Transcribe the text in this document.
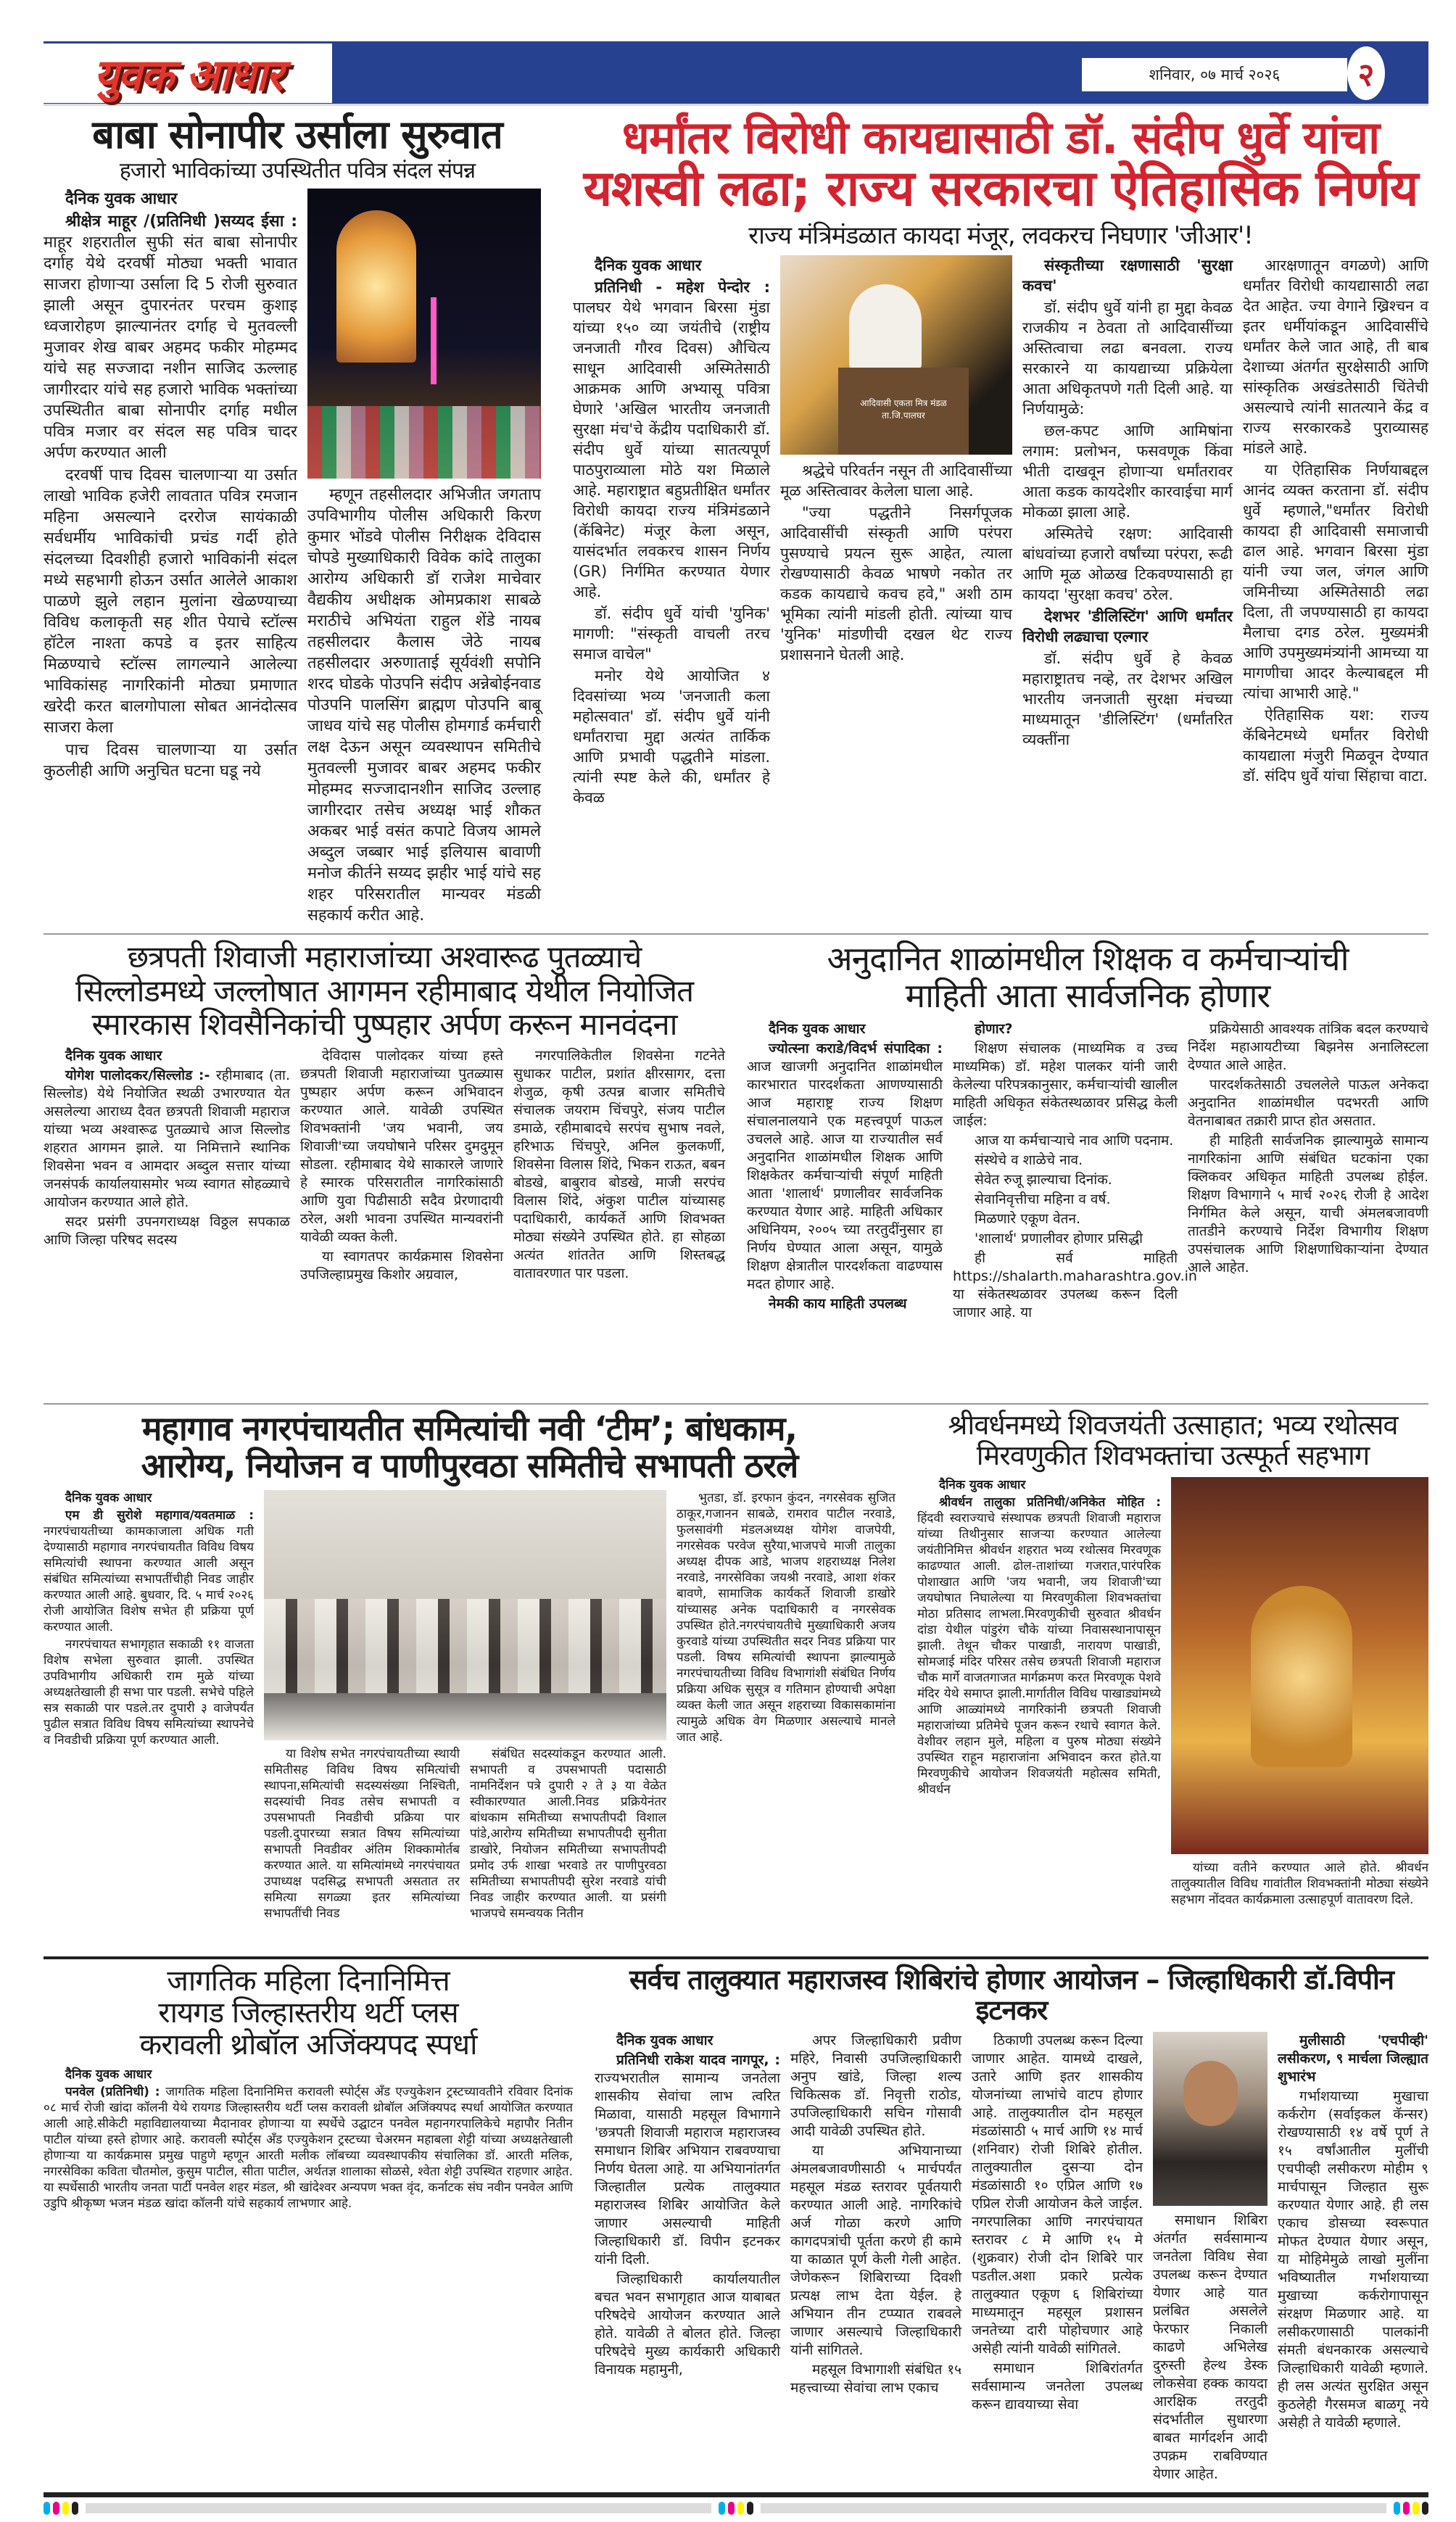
युवक आधार	शनिवार, ०७ मार्च २०२६	२
बाबा सोनापीर उर्साला सुरुवात
हजारो भाविकांच्या उपस्थितीत पवित्र संदल संपन्न

दैनिक युवक आधार

श्रीक्षेत्र माहूर /(प्रतिनिधी )सय्यद ईसा : माहूर शहरातील सुफी संत बाबा सोनापीर दर्गाह येथे दरवर्षी मोठ्या भक्ती भावात साजरा होणाऱ्या उर्साला दि 5 रोजी सुरुवात झाली असून दुपारनंतर परचम कुशाइ ध्वजारोहण झाल्यानंतर दर्गाह चे मुतवल्ली मुजावर शेख बाबर अहमद फकीर मोहम्मद यांचे सह सज्जादा नशीन साजिद ऊल्लाह जागीरदार यांचे सह हजारो भाविक भक्तांच्या उपस्थितीत बाबा सोनापीर दर्गाह मधील पवित्र मजार वर संदल सह पवित्र चादर अर्पण करण्यात आली

दरवर्षी पाच दिवस चालणाऱ्या या उर्सात लाखो भाविक हजेरी लावतात पवित्र रमजान महिना असल्याने दररोज सायंकाळी सर्वधर्मीय भाविकांची प्रचंड गर्दी होते संदलच्या दिवशीही हजारो भाविकांनी संदल मध्ये सहभागी होऊन उर्सात आलेले आकाश पाळणे झुले लहान मुलांना खेळण्याच्या विविध कलाकृती सह शीत पेयाचे स्टॉल्स हॉटेल नाश्ता कपडे व इतर साहित्य मिळण्याचे स्टॉल्स लागल्याने आलेल्या भाविकांसह नागरिकांनी मोठ्या प्रमाणात खरेदी करत बालगोपाला सोबत आनंदोत्सव साजरा केला

पाच दिवस चालणाऱ्या या उर्सात कुठलीही आणि अनुचित घटना घडू नये

म्हणून तहसीलदार अभिजीत जगताप उपविभागीय पोलीस अधिकारी किरण कुमार भोंडवे पोलीस निरीक्षक देविदास चोपडे मुख्याधिकारी विवेक कांदे तालुका आरोग्य अधिकारी डॉ राजेश माचेवार वैद्यकीय अधीक्षक ओमप्रकाश साबळे मराठीचे अभियंता राहुल शेंडे नायब तहसीलदार कैलास जेठे नायब तहसीलदार अरुणाताई सूर्यवंशी सपोनि शरद घोडके पोउपनि संदीप अन्नेबोईनवाड पोउपनि पालसिंग ब्राह्मण पोउपनि बाबू जाधव यांचे सह पोलीस होमगार्ड कर्मचारी लक्ष देऊन असून व्यवस्थापन समितीचे मुतवल्ली मुजावर बाबर अहमद फकीर मोहम्मद सज्जादानशीन साजिद उल्लाह जागीरदार तसेच अध्यक्ष भाई शौकत अकबर भाई वसंत कपाटे विजय आमले अब्दुल जब्बार भाई इलियास बावाणी मनोज कीर्तने सय्यद झहीर भाई यांचे सह शहर परिसरातील मान्यवर मंडळी सहकार्य करीत आहे.

धर्मांतर विरोधी कायद्यासाठी डॉ. संदीप धुर्वे यांचा
यशस्वी लढा; राज्य सरकारचा ऐतिहासिक निर्णय
राज्य मंत्रिमंडळात कायदा मंजूर, लवकरच निघणार 'जीआर'!

दैनिक युवक आधार

प्रतिनिधी - महेश पेन्दोर : पालघर येथे भगवान बिरसा मुंडा यांच्या १५० व्या जयंतीचे (राष्ट्रीय जनजाती गौरव दिवस) औचित्य साधून आदिवासी अस्मितेसाठी आक्रमक आणि अभ्यासू पवित्रा घेणारे 'अखिल भारतीय जनजाती सुरक्षा मंच'चे केंद्रीय पदाधिकारी डॉ. संदीप धुर्वे यांच्या सातत्यपूर्ण पाठपुराव्याला मोठे यश मिळाले आहे. महाराष्ट्रात बहुप्रतीक्षित धर्मांतर विरोधी कायदा राज्य मंत्रिमंडळाने (कॅबिनेट) मंजूर केला असून, यासंदर्भात लवकरच शासन निर्णय (GR) निर्गमित करण्यात येणार आहे.

डॉ. संदीप धुर्वे यांची 'युनिक' मागणी: "संस्कृती वाचली तरच समाज वाचेल"

मनोर येथे आयोजित ४ दिवसांच्या भव्य 'जनजाती कला महोत्सवात' डॉ. संदीप धुर्वे यांनी धर्मांतराचा मुद्दा अत्यंत तार्किक आणि प्रभावी पद्धतीने मांडला. त्यांनी स्पष्ट केले की, धर्मांतर हे केवळ

आदिवासी एकता मित्र मंडळ ता.जि.पालघर

श्रद्धेचे परिवर्तन नसून ती आदिवासींच्या मूळ अस्तित्वावर केलेला घाला आहे.

"ज्या पद्धतीने निसर्गपूजक आदिवासींची संस्कृती आणि परंपरा पुसण्याचे प्रयत्न सुरू आहेत, त्याला रोखण्यासाठी केवळ भाषणे नकोत तर कडक कायद्याचे कवच हवे," अशी ठाम भूमिका त्यांनी मांडली होती. त्यांच्या याच 'युनिक' मांडणीची दखल थेट राज्य प्रशासनाने घेतली आहे.

संस्कृतीच्या रक्षणासाठी 'सुरक्षा कवच'

डॉ. संदीप धुर्वे यांनी हा मुद्दा केवळ राजकीय न ठेवता तो आदिवासींच्या अस्तित्वाचा लढा बनवला. राज्य सरकारने या कायद्याच्या प्रक्रियेला आता अधिकृतपणे गती दिली आहे. या निर्णयामुळे:

छल-कपट आणि आमिषांना लगाम: प्रलोभन, फसवणूक किंवा भीती दाखवून होणाऱ्या धर्मांतरावर आता कडक कायदेशीर कारवाईचा मार्ग मोकळा झाला आहे.

अस्मितेचे रक्षण: आदिवासी बांधवांच्या हजारो वर्षांच्या परंपरा, रूढी आणि मूळ ओळख टिकवण्यासाठी हा कायदा 'सुरक्षा कवच' ठरेल.

देशभर 'डीलिस्टिंग' आणि धर्मांतर विरोधी लढ्याचा एल्गार

डॉ. संदीप धुर्वे हे केवळ महाराष्ट्रातच नव्हे, तर देशभर अखिल भारतीय जनजाती सुरक्षा मंचच्या माध्यमातून 'डीलिस्टिंग' (धर्मांतरित व्यक्तींना

आरक्षणातून वगळणे) आणि धर्मांतर विरोधी कायद्यासाठी लढा देत आहेत. ज्या वेगाने ख्रिश्चन व इतर धर्मीयांकडून आदिवासींचे धर्मांतर केले जात आहे, ती बाब देशाच्या अंतर्गत सुरक्षेसाठी आणि सांस्कृतिक अखंडतेसाठी चिंतेची असल्याचे त्यांनी सातत्याने केंद्र व राज्य सरकारकडे पुराव्यासह मांडले आहे.

या ऐतिहासिक निर्णयाबद्दल आनंद व्यक्त करताना डॉ. संदीप धुर्वे म्हणाले,"धर्मांतर विरोधी कायदा ही आदिवासी समाजाची ढाल आहे. भगवान बिरसा मुंडा यांनी ज्या जल, जंगल आणि जमिनीच्या अस्मितेसाठी लढा दिला, ती जपण्यासाठी हा कायदा मैलाचा दगड ठरेल. मुख्यमंत्री आणि उपमुख्यमंत्र्यांनी आमच्या या मागणीचा आदर केल्याबद्दल मी त्यांचा आभारी आहे."

ऐतिहासिक यश: राज्य कॅबिनेटमध्ये धर्मांतर विरोधी कायद्याला मंजुरी मिळवून देण्यात डॉ. संदिप धुर्वे यांचा सिंहाचा वाटा.

छत्रपती शिवाजी महाराजांच्या अश्वारूढ पुतळ्याचे
सिल्लोडमध्ये जल्लोषात आगमन रहीमाबाद येथील नियोजित
स्मारकास शिवसैनिकांची पुष्पहार अर्पण करून मानवंदना

दैनिक युवक आधार

योगेश पालोदकर/सिल्लोड :- रहीमाबाद (ता. सिल्लोड) येथे नियोजित स्थळी उभारण्यात येत असलेल्या आराध्य दैवत छत्रपती शिवाजी महाराज यांच्या भव्य अश्वारूढ पुतळ्याचे आज सिल्लोड शहरात आगमन झाले. या निमित्ताने स्थानिक शिवसेना भवन व आमदार अब्दुल सत्तार यांच्या जनसंपर्क कार्यालयासमोर भव्य स्वागत सोहळ्याचे आयोजन करण्यात आले होते.

सदर प्रसंगी उपनगराध्यक्ष विठ्ठल सपकाळ आणि जिल्हा परिषद सदस्य

देविदास पालोदकर यांच्या हस्ते छत्रपती शिवाजी महाराजांच्या पुतळ्यास पुष्पहार अर्पण करून अभिवादन करण्यात आले. यावेळी उपस्थित शिवभक्तांनी 'जय भवानी, जय शिवाजी'च्या जयघोषाने परिसर दुमदुमून सोडला. रहीमाबाद येथे साकारले जाणारे हे स्मारक परिसरातील नागरिकांसाठी आणि युवा पिढीसाठी सदैव प्रेरणादायी ठरेल, अशी भावना उपस्थित मान्यवरांनी यावेळी व्यक्त केली.

या स्वागतपर कार्यक्रमास शिवसेना उपजिल्हाप्रमुख किशोर अग्रवाल,

नगरपालिकेतील शिवसेना गटनेते सुधाकर पाटील, प्रशांत क्षीरसागर, दत्ता शेजुळ, कृषी उत्पन्न बाजार समितीचे संचालक जयराम चिंचपुरे, संजय पाटील डमाळे, रहीमाबादचे सरपंच सुभाष नवले, हरिभाऊ चिंचपुरे, अनिल कुलकर्णी, शिवसेना विलास शिंदे, भिकन राऊत, बबन बोडखे, बाबुराव बोडखे, माजी सरपंच विलास शिंदे, अंकुश पाटील यांच्यासह पदाधिकारी, कार्यकर्ते आणि शिवभक्त मोठ्या संख्येने उपस्थित होते. हा सोहळा अत्यंत शांततेत आणि शिस्तबद्ध वातावरणात पार पडला.

अनुदानित शाळांमधील शिक्षक व कर्मचाऱ्यांची
माहिती आता सार्वजनिक होणार

दैनिक युवक आधार

ज्योत्स्ना कराडे/विदर्भ संपादिका : आज खाजगी अनुदानित शाळांमधील कारभारात पारदर्शकता आणण्यासाठी आज महाराष्ट्र राज्य शिक्षण संचालनालयाने एक महत्त्वपूर्ण पाऊल उचलले आहे. आज या राज्यातील सर्व अनुदानित शाळांमधील शिक्षक आणि शिक्षकेतर कर्मचाऱ्यांची संपूर्ण माहिती आता 'शालार्थ' प्रणालीवर सार्वजनिक करण्यात येणार आहे. माहिती अधिकार अधिनियम, २००५ च्या तरतुदींनुसार हा निर्णय घेण्यात आला असून, यामुळे शिक्षण क्षेत्रातील पारदर्शकता वाढण्यास मदत होणार आहे.

नेमकी काय माहिती उपलब्ध

होणार?

शिक्षण संचालक (माध्यमिक व उच्च माध्यमिक) डॉ. महेश पालकर यांनी जारी केलेल्या परिपत्रकानुसार, कर्मचाऱ्यांची खालील माहिती अधिकृत संकेतस्थळावर प्रसिद्ध केली जाईल:

आज या कर्मचाऱ्याचे नाव आणि पदनाम.

संस्थेचे व शाळेचे नाव.

सेवेत रुजू झाल्याचा दिनांक.

सेवानिवृत्तीचा महिना व वर्ष.

मिळणारे एकूण वेतन.

'शालार्थ' प्रणालीवर होणार प्रसिद्धी

ही सर्व माहिती https://shalarth.maharashtra.gov.in या संकेतस्थळावर उपलब्ध करून दिली जाणार आहे. या

प्रक्रियेसाठी आवश्यक तांत्रिक बदल करण्याचे निर्देश महाआयटीच्या बिझनेस अनालिस्टला देण्यात आले आहेत.

पारदर्शकतेसाठी उचललेले पाऊल अनेकदा अनुदानित शाळांमधील पदभरती आणि वेतनाबाबत तक्रारी प्राप्त होत असतात.

ही माहिती सार्वजनिक झाल्यामुळे सामान्य नागरिकांना आणि संबंधित घटकांना एका क्लिकवर अधिकृत माहिती उपलब्ध होईल. शिक्षण विभागाने ५ मार्च २०२६ रोजी हे आदेश निर्गमित केले असून, याची अंमलबजावणी तातडीने करण्याचे निर्देश विभागीय शिक्षण उपसंचालक आणि शिक्षणाधिकाऱ्यांना देण्यात आले आहेत.

महागाव नगरपंचायतीत समित्यांची नवी ‘टीम’; बांधकाम,
आरोग्य, नियोजन व पाणीपुरवठा समितीचे सभापती ठरले

दैनिक युवक आधार

एम डी सुरोशे महागाव/यवतमाळ : नगरपंचायतीच्या कामकाजाला अधिक गती देण्यासाठी महागाव नगरपंचायतीत विविध विषय समित्यांची स्थापना करण्यात आली असून संबंधित समित्यांच्या सभापतींचीही निवड जाहीर करण्यात आली आहे. बुधवार, दि. ५ मार्च २०२६ रोजी आयोजित विशेष सभेत ही प्रक्रिया पूर्ण करण्यात आली.

नगरपंचायत सभागृहात सकाळी ११ वाजता विशेष सभेला सुरुवात झाली. उपस्थित उपविभागीय अधिकारी राम मुळे यांच्या अध्यक्षतेखाली ही सभा पार पडली. सभेचे पहिले सत्र सकाळी पार पडले.तर दुपारी ३ वाजेपर्यंत पुढील सत्रात विविध विषय समित्यांच्या स्थापनेचे व निवडीची प्रक्रिया पूर्ण करण्यात आली.

या विशेष सभेत नगरपंचायतीच्या स्थायी समितीसह विविध विषय समित्यांची स्थापना,समित्यांची सदस्यसंख्या निश्चिती, सदस्यांची निवड तसेच सभापती व उपसभापती निवडीची प्रक्रिया पार पडली.दुपारच्या सत्रात विषय समित्यांच्या सभापती निवडीवर अंतिम शिक्कामोर्तब करण्यात आले. या समित्यांमध्ये नगरपंचायत उपाध्यक्ष पदसिद्ध सभापती असतात तर समित्या सगळ्या इतर समित्यांच्या सभापतींची निवड

संबंधित सदस्यांकडून करण्यात आली. सभापती व उपसभापती पदासाठी नामनिर्देशन पत्रे दुपारी २ ते ३ या वेळेत स्वीकारण्यात आली.निवड प्रक्रियेनंतर बांधकाम समितीच्या सभापतीपदी विशाल पांडे,आरोग्य समितीच्या सभापतीपदी सुनीता डाखोरे, नियोजन समितीच्या सभापतीपदी प्रमोद उर्फ शाखा भरवाडे तर पाणीपुरवठा समितीच्या सभापतीपदी सुरेश नरवाडे यांची निवड जाहीर करण्यात आली. या प्रसंगी भाजपचे समन्वयक नितीन

भुतडा, डॉ. इरफान कुंदन, नगरसेवक सुजित ठाकूर,गजानन साबळे, रामराव पाटील नरवाडे, फुलसावंगी मंडलअध्यक्ष योगेश वाजपेयी, नगरसेवक परवेज सुरैया,भाजपचे माजी तालुका अध्यक्ष दीपक आडे, भाजप शहराध्यक्ष निलेश नरवाडे, नगरसेविका जयश्री नरवाडे, आशा शंकर बावणे, सामाजिक कार्यकर्ते शिवाजी डाखोरे यांच्यासह अनेक पदाधिकारी व नगरसेवक उपस्थित होते.नगरपंचायतीचे मुख्याधिकारी अजय कुरवाडे यांच्या उपस्थितीत सदर निवड प्रक्रिया पार पडली. विषय समित्यांची स्थापना झाल्यामुळे नगरपंचायतीच्या विविध विभागांशी संबंधित निर्णय प्रक्रिया अधिक सुसूत्र व गतिमान होण्याची अपेक्षा व्यक्त केली जात असून शहराच्या विकासकामांना त्यामुळे अधिक वेग मिळणार असल्याचे मानले जात आहे.

श्रीवर्धनमध्ये शिवजयंती उत्साहात; भव्य रथोत्सव
मिरवणुकीत शिवभक्तांचा उत्स्फूर्त सहभाग

दैनिक युवक आधार

श्रीवर्धन तालुका प्रतिनिधी/अनिकेत मोहित : हिंदवी स्वराज्याचे संस्थापक छत्रपती शिवाजी महाराज यांच्या तिथीनुसार साजऱ्या करण्यात आलेल्या जयंतीनिमित्त श्रीवर्धन शहरात भव्य रथोत्सव मिरवणूक काढण्यात आली. ढोल-ताशांच्या गजरात,पारंपरिक पोशाखात आणि 'जय भवानी, जय शिवाजी'च्या जयघोषात निघालेल्या या मिरवणुकीला शिवभक्तांचा मोठा प्रतिसाद लाभला.मिरवणुकीची सुरुवात श्रीवर्धन दांडा येथील पांडुरंग चौके यांच्या निवासस्थानापासून झाली. तेथून चौकर पाखाडी, नारायण पाखाडी, सोमजाई मंदिर परिसर तसेच छत्रपती शिवाजी महाराज चौक मार्गे वाजतगाजत मार्गक्रमण करत मिरवणूक पेशवे मंदिर येथे समाप्त झाली.मार्गातील विविध पाखाड्यांमध्ये आणि आळ्यांमध्ये नागरिकांनी छत्रपती शिवाजी महाराजांच्या प्रतिमेचे पूजन करून रथाचे स्वागत केले. वेशीवर लहान मुले, महिला व पुरुष मोठ्या संख्येने उपस्थित राहून महाराजांना अभिवादन करत होते.या मिरवणुकीचे आयोजन शिवजयंती महोत्सव समिती, श्रीवर्धन

यांच्या वतीने करण्यात आले होते. श्रीवर्धन तालुक्यातील विविध गावांतील शिवभक्तांनी मोठ्या संख्येने सहभाग नोंदवत कार्यक्रमाला उत्साहपूर्ण वातावरण दिले.

जागतिक महिला दिनानिमित्त
रायगड जिल्हास्तरीय थर्टी प्लस
करावली थ्रोबॉल अजिंक्यपद स्पर्धा

दैनिक युवक आधार

पनवेल (प्रतिनिधी) : जागतिक महिला दिनानिमित्त करावली स्पोर्ट्स अँड एज्युकेशन ट्रस्टच्यावतीने रविवार दिनांक ०८ मार्च रोजी खांदा कॉलनी येथे रायगड जिल्हास्तरीय थर्टी प्लस करावली थ्रोबॉल अजिंक्यपद स्पर्धा आयोजित करण्यात आली आहे.सीकेटी महाविद्यालयाच्या मैदानावर होणाऱ्या या स्पर्धेचे उद्घाटन पनवेल महानगरपालिकेचे महापौर नितीन पाटील यांच्या हस्ते होणार आहे. करावली स्पोर्ट्स अँड एज्युकेशन ट्रस्टच्या चेअरमन महाबला शेट्टी यांच्या अध्यक्षतेखाली होणाऱ्या या कार्यक्रमास प्रमुख पाहुणे म्हणून आरती मलीक लॉबच्या व्यवस्थापकीय संचालिका डॉ. आरती मलिक, नगरसेविका कविता चौतमोल, कुसुम पाटील, सीता पाटील, अर्थतज्ञ शालाका सोळसे, श्वेता शेट्टी उपस्थित राहणार आहेत. या स्पर्धेसाठी भारतीय जनता पार्टी पनवेल शहर मंडल, श्री खांदेश्वर अन्यपण भक्त वृंद, कर्नाटक संघ नवीन पनवेल आणि उडुपि श्रीकृष्ण भजन मंडळ खांदा कॉलनी यांचे सहकार्य लाभणार आहे.

सर्वच तालुक्यात महाराजस्व शिबिरांचे होणार आयोजन – जिल्हाधिकारी डॉ.विपीन इटनकर

दैनिक युवक आधार

प्रतिनिधी राकेश यादव नागपूर, : राज्यभरातील सामान्य जनतेला शासकीय सेवांचा लाभ त्वरित मिळावा, यासाठी महसूल विभागाने 'छत्रपती शिवाजी महाराज महाराजस्व समाधान शिबिर अभियान राबवण्याचा निर्णय घेतला आहे. या अभियानांतर्गत जिल्हातील प्रत्येक तालुक्यात महाराजस्व शिबिर आयोजित केले जाणार असल्याची माहिती जिल्हाधिकारी डॉ. विपीन इटनकर यांनी दिली.

जिल्हाधिकारी कार्यालयातील बचत भवन सभागृहात आज याबाबत परिषदेचे आयोजन करण्यात आले होते. यावेळी ते बोलत होते. जिल्हा परिषदेचे मुख्य कार्यकारी अधिकारी विनायक महामुनी,

अपर जिल्हाधिकारी प्रवीण महिरे, निवासी उपजिल्हाधिकारी अनुप खांडे, जिल्हा शल्य चिकित्सक डॉ. निवृत्ती राठोड, उपजिल्हाधिकारी सचिन गोसावी आदी यावेळी उपस्थित होते.

या अभियानाच्या अंमलबजावणीसाठी ५ मार्चपर्यंत महसूल मंडळ स्तरावर पूर्वतयारी करण्यात आली आहे. नागरिकांचे अर्ज गोळा करणे आणि कागदपत्रांची पूर्तता करणे ही कामे या काळात पूर्ण केली गेली आहेत. जेणेकरून शिबिराच्या दिवशी प्रत्यक्ष लाभ देता येईल. हे अभियान तीन टप्प्यात राबवले जाणार असल्याचे जिल्हाधिकारी यांनी सांगितले.

महसूल विभागाशी संबंधित १५ महत्त्वाच्या सेवांचा लाभ एकाच

ठिकाणी उपलब्ध करून दिल्या जाणार आहेत. यामध्ये दाखले, उतारे आणि इतर शासकीय योजनांच्या लाभांचे वाटप होणार आहे. तालुक्यातील दोन महसूल मंडळांसाठी ५ मार्च आणि १४ मार्च (शनिवार) रोजी शिबिरे होतील. तालुक्यातील दुसऱ्या दोन मंडळांसाठी १० एप्रिल आणि १७ एप्रिल रोजी आयोजन केले जाईल. नगरपालिका आणि नगरपंचायत स्तरावर ८ मे आणि १५ मे (शुक्रवार) रोजी दोन शिबिरे पार पडतील.अशा प्रकारे प्रत्येक तालुक्यात एकूण ६ शिबिरांच्या माध्यमातून महसूल प्रशासन जनतेच्या दारी पोहोचणार आहे असेही त्यांनी यावेळी सांगितले.

समाधान शिबिरांतर्गत सर्वसामान्य जनतेला उपलब्ध करून द्यावयाच्या सेवा

समाधान शिबिरा अंतर्गत सर्वसामान्य जनतेला विविध सेवा उपलब्ध करून देण्यात येणार आहे यात प्रलंबित असलेले फेरफार निकाली काढणे अभिलेख दुरुस्ती हेल्थ डेस्क लोकसेवा हक्क कायदा आरक्षिक तरतुदी संदर्भातील सुधारणा बाबत मार्गदर्शन आदी उपक्रम राबविण्यात येणार आहेत.

मुलीसाठी 'एचपीव्ही' लसीकरण, ९ मार्चला जिल्ह्यात शुभारंभ

गर्भाशयाच्या मुखाचा कर्करोग (सर्वाइकल कॅन्सर) रोखण्यासाठी १४ वर्षे पूर्ण ते १५ वर्षांआतील मुलींची एचपीव्ही लसीकरण मोहीम ९ मार्चपासून जिल्हात सुरू करण्यात येणार आहे. ही लस एकाच डोसच्या स्वरूपात मोफत देण्यात येणार असून, या मोहिमेमुळे लाखो मुलींना भविष्यातील गर्भाशयाच्या मुखाच्या कर्करोगापासून संरक्षण मिळणार आहे. या लसीकरणासाठी पालकांनी संमती बंधनकारक असल्याचे जिल्हाधिकारी यावेळी म्हणाले. ही लस अत्यंत सुरक्षित असून कुठलेही गैरसमज बाळगू नये असेही ते यावेळी म्हणाले.
